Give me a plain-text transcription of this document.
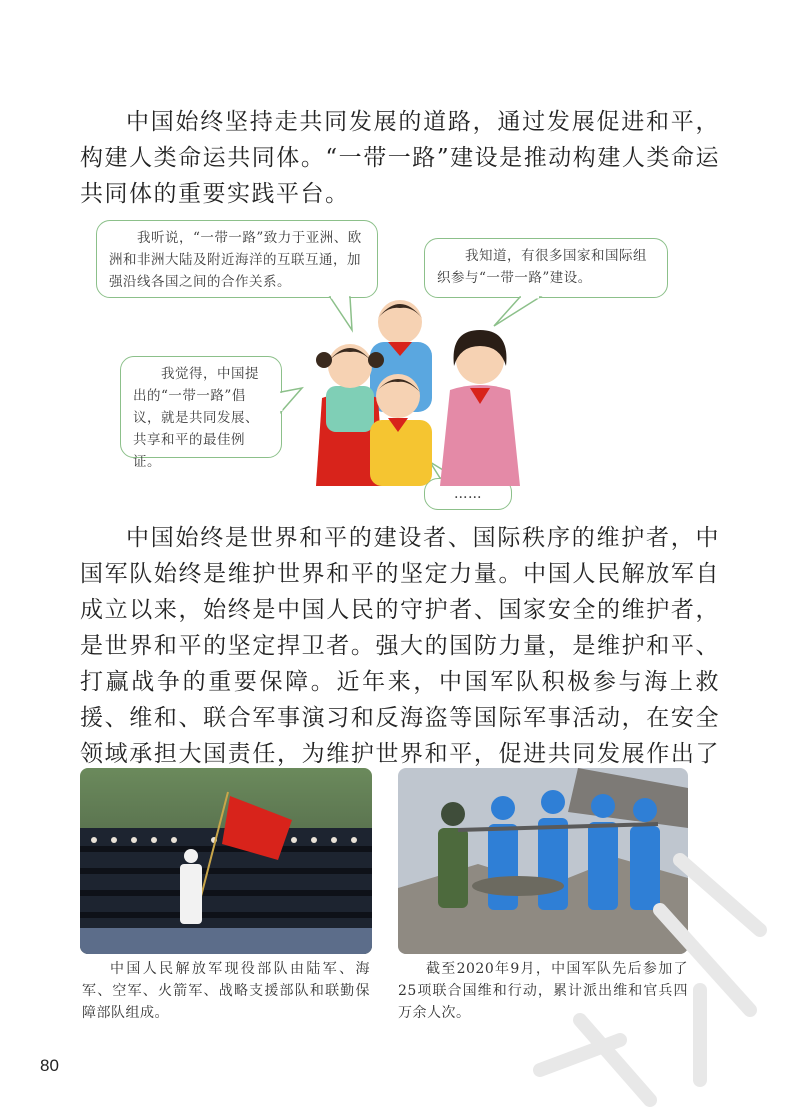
中国始终坚持走共同发展的道路，通过发展促进和平，构建人类命运共同体。“一带一路”建设是推动构建人类命运共同体的重要实践平台。

我听说，“一带一路”致力于亚洲、欧洲和非洲大陆及附近海洋的互联互通，加强沿线各国之间的合作关系。
我知道，有很多国家和国际组织参与“一带一路”建设。
我觉得，中国提出的“一带一路”倡议，就是共同发展、共享和平的最佳例证。
……

中国始终是世界和平的建设者、国际秩序的维护者，中国军队始终是维护世界和平的坚定力量。中国人民解放军自成立以来，始终是中国人民的守护者、国家安全的维护者，是世界和平的坚定捍卫者。强大的国防力量，是维护和平、打赢战争的重要保障。近年来，中国军队积极参与海上救援、维和、联合军事演习和反海盗等国际军事活动，在安全领域承担大国责任，为维护世界和平，促进共同发展作出了

中国人民解放军现役部队由陆军、海军、空军、火箭军、战略支援部队和联勤保障部队组成。

截至2020年9月，中国军队先后参加了25项联合国维和行动，累计派出维和官兵四万余人次。

80
